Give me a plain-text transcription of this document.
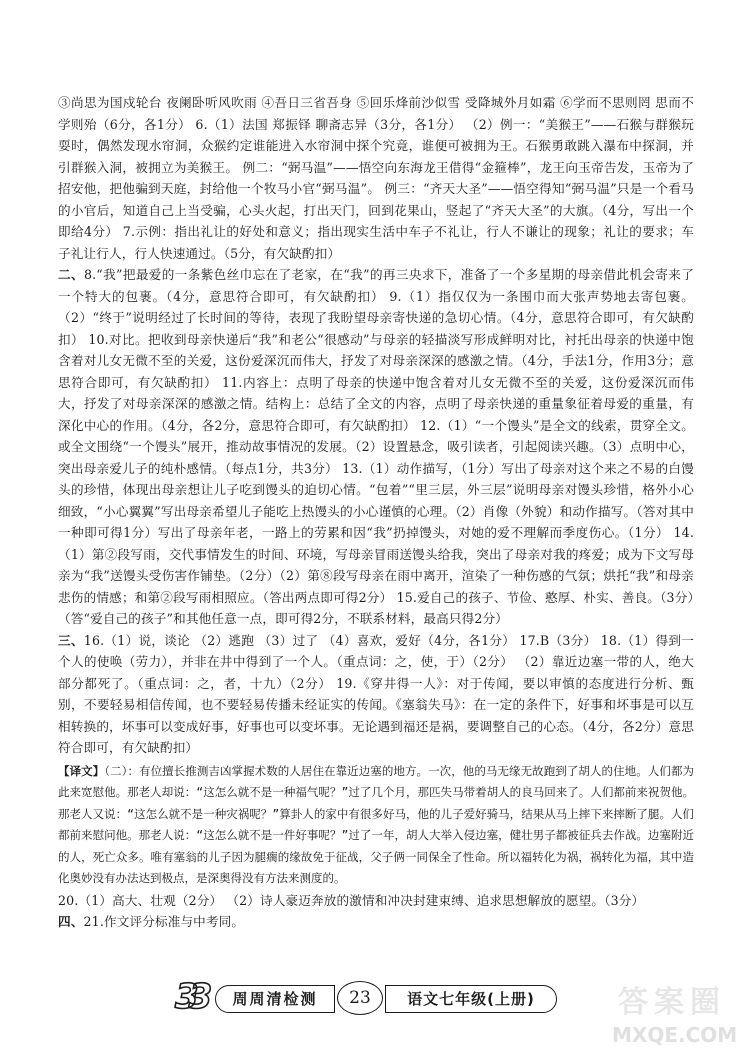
③尚思为国戍轮台 夜阑卧听风吹雨 ④吾日三省吾身 ⑤回乐烽前沙似雪 受降城外月如霜 ⑥学而不思则罔 思而不学则殆（6分，各1分） 6.（1）法国 郑振铎 聊斋志异（3分，各1分） （2）例一：“美猴王”——石猴与群猴玩耍时，偶然发现水帘洞，众猴约定谁能进入水帘洞中探个究竟，谁便可被拥为王。石猴勇敢跳入瀑布中探洞，并引群猴入洞，被拥立为美猴王。 例二：“弼马温”——悟空向东海龙王借得“金箍棒”，龙王向玉帝告发，玉帝为了招安他，把他骗到天庭，封给他一个牧马小官“弼马温”。 例三：“齐天大圣”——悟空得知“弼马温”只是一个看马的小官后，知道自己上当受骗，心头火起，打出天门，回到花果山，竖起了“齐天大圣”的大旗。（4分，写出一个即给4分） 7.示例：指出礼让的好处和意义；指出现实生活中车子不礼让，行人不谦让的现象；礼让的要求；车子礼让行人，行人快速通过。（5分，有欠缺酌扣）

二、8.“我”把最爱的一条紫色丝巾忘在了老家，在“我”的再三央求下，准备了一个多星期的母亲借此机会寄来了一个特大的包裹。（4分，意思符合即可，有欠缺酌扣） 9.（1）指仅仅为一条围巾而大张声势地去寄包裹。（2）“终于”说明经过了长时间的等待，表现了我盼望母亲寄快递的急切心情。（4分，意思符合即可，有欠缺酌扣） 10.对比。把收到母亲快递后“我”和老公“很感动”与母亲的轻描淡写形成鲜明对比，衬托出母亲的快递中饱含着对儿女无微不至的关爱，这份爱深沉而伟大，抒发了对母亲深深的感激之情。（4分，手法1分，作用3分；意思符合即可，有欠缺酌扣） 11.内容上：点明了母亲的快递中饱含着对儿女无微不至的关爱，这份爱深沉而伟大，抒发了对母亲深深的感激之情。结构上：总结了全文的内容，点明了母亲快递的重量象征着母爱的重量，有深化中心的作用。（4分，各2分，意思符合即可，有欠缺酌扣） 12.（1）“一个馒头”是全文的线索，贯穿全文。或全文围绕“一个馒头”展开，推动故事情况的发展。（2）设置悬念，吸引读者，引起阅读兴趣。（3）点明中心，突出母亲爱儿子的纯朴感情。（每点1分，共3分） 13.（1）动作描写，（1分）写出了母亲对这个来之不易的白馒头的珍惜，体现出母亲想让儿子吃到馒头的迫切心情。“包着”“里三层，外三层”说明母亲对馒头珍惜，格外小心细致，“小心翼翼”写出母亲希望儿子能吃上热馒头的小心谨慎的心理。（2）肖像（外貌）和动作描写。（答对其中一种即可得1分）写出了母亲年老，一路上的劳累和因“我”扔掉馒头，对她的爱不理解而季度伤心。（1分） 14.（1）第②段写雨，交代事情发生的时间、环境，写母亲冒雨送馒头给我，突出了母亲对我的疼爱；成为下文写母亲为“我”送馒头受伤害作铺垫。（2分）（2）第⑧段写母亲在雨中离开，渲染了一种伤感的气氛；烘托“我”和母亲悲伤的情感；和第②段写雨相照应。（答出两点即可得2分） 15.爱自己的孩子、节俭、憨厚、朴实、善良。（3分）（答“爱自己的孩子”和其他任意一点，即可得2分，不联系材料，最高只得2分）

三、16.（1）说，谈论 （2）逃跑 （3）过了 （4）喜欢，爱好（4分，各1分） 17.B（3分） 18.（1）得到一个人的使唤（劳力），并非在井中得到了一个人。（重点词：之，使，于）（2分） （2）靠近边塞一带的人，绝大部分都死了。（重点词：之，者，十九）（2分） 19.《穿井得一人》：对于传闻，要以审慎的态度进行分析、甄别，不要轻易相信传闻，也不要轻易传播未经证实的传闻。《塞翁失马》：在一定的条件下，好事和坏事是可以互相转换的，坏事可以变成好事，好事也可以变坏事。无论遇到福还是祸，要调整自己的心态。（4分，各2分）意思符合即可，有欠缺酌扣）

【译文】（二）：有位擅长推测吉凶掌握术数的人居住在靠近边塞的地方。一次，他的马无缘无故跑到了胡人的住地。人们都为此来宽慰他。那老人却说：“这怎么就不是一种福气呢？”过了几个月，那匹失马带着胡人的良马回来了。人们都前来祝贺他。那老人又说：“这怎么就不是一种灾祸呢？”算卦人的家中有很多好马，他的儿子爱好骑马，结果从马上摔下来摔断了腿。人们都前来慰问他。那老人说：“这怎么就不是一件好事呢？”过了一年，胡人大举入侵边塞，健壮男子都被征兵去作战。边塞附近的人，死亡众多。唯有塞翁的儿子因为腿瘸的缘故免于征战，父子俩一同保全了性命。所以福转化为祸，祸转化为福，其中造化奥妙没有办法达到极点，是深奥得没有方法来测度的。

20.（1）高大、壮观（2分） （2）诗人豪迈奔放的激情和冲决封建束缚、追求思想解放的愿望。（3分）

四、21.作文评分标准与中考同。

33	周周清检测	23	语文七年级(上册)	答案圈
MXQE.COM
